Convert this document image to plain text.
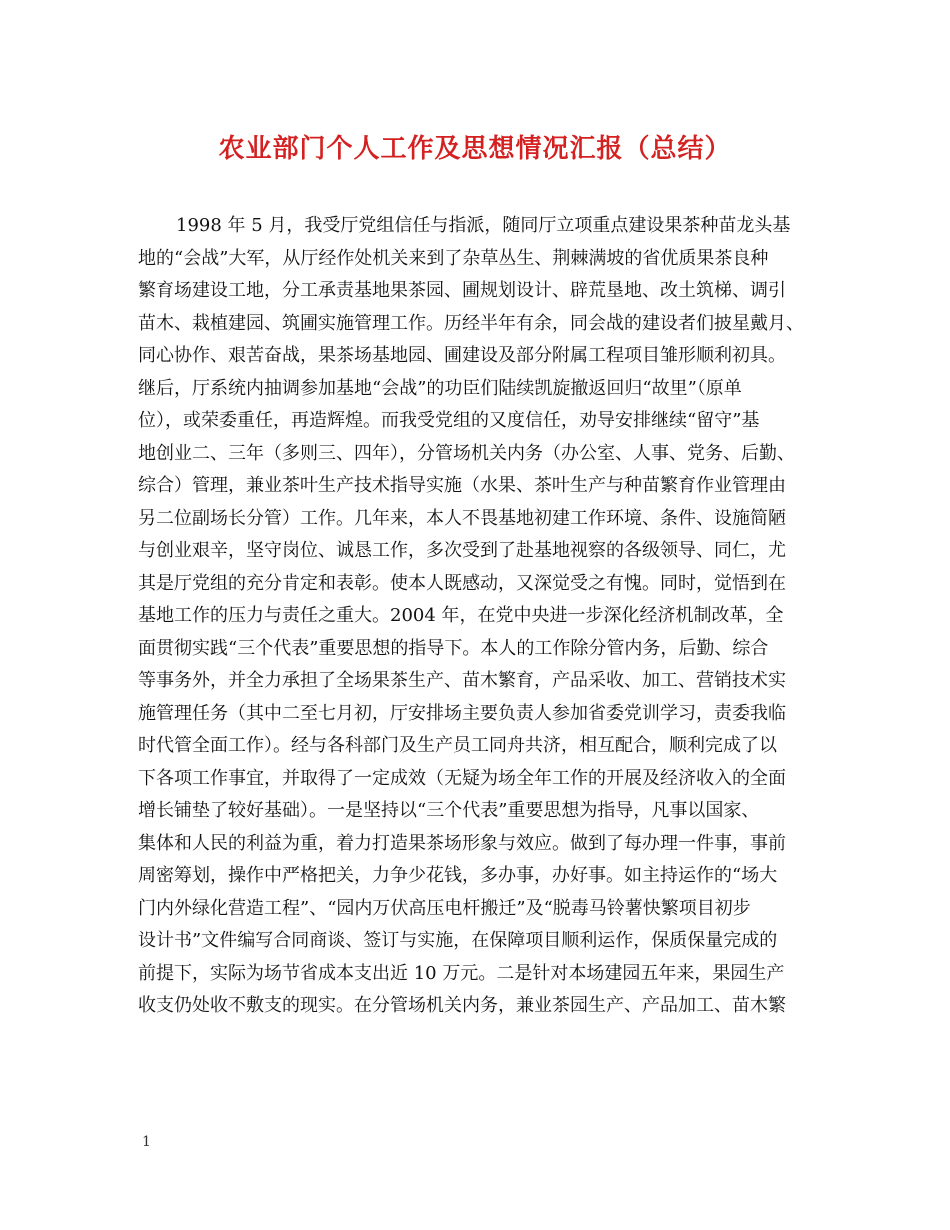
农业部门个人工作及思想情况汇报（总结）
1998 年 5 月，我受厅党组信任与指派，随同厅立项重点建设果茶种苗龙头基
地的“会战”大军，从厅经作处机关来到了杂草丛生、荆棘满坡的省优质果茶良种
繁育场建设工地，分工承责基地果茶园、圃规划设计、辟荒垦地、改土筑梯、调引
苗木、栽植建园、筑圃实施管理工作。历经半年有余，同会战的建设者们披星戴月、
同心协作、艰苦奋战，果茶场基地园、圃建设及部分附属工程项目雏形顺利初具。
继后，厅系统内抽调参加基地“会战”的功臣们陆续凯旋撤返回归“故里”（原单
位），或荣委重任，再造辉煌。而我受党组的又度信任，劝导安排继续“留守”基
地创业二、三年（多则三、四年），分管场机关内务（办公室、人事、党务、后勤、
综合）管理，兼业茶叶生产技术指导实施（水果、茶叶生产与种苗繁育作业管理由
另二位副场长分管）工作。几年来，本人不畏基地初建工作环境、条件、设施简陋
与创业艰辛，坚守岗位、诚恳工作，多次受到了赴基地视察的各级领导、同仁，尤
其是厅党组的充分肯定和表彰。使本人既感动，又深觉受之有愧。同时，觉悟到在
基地工作的压力与责任之重大。2004 年，在党中央进一步深化经济机制改革，全
面贯彻实践“三个代表”重要思想的指导下。本人的工作除分管内务，后勤、综合
等事务外，并全力承担了全场果茶生产、苗木繁育，产品采收、加工、营销技术实
施管理任务（其中二至七月初，厅安排场主要负责人参加省委党训学习，责委我临
时代管全面工作）。经与各科部门及生产员工同舟共济，相互配合，顺利完成了以
下各项工作事宜，并取得了一定成效（无疑为场全年工作的开展及经济收入的全面
增长铺垫了较好基础）。一是坚持以“三个代表”重要思想为指导，凡事以国家、
集体和人民的利益为重，着力打造果茶场形象与效应。做到了每办理一件事，事前
周密筹划，操作中严格把关，力争少花钱，多办事，办好事。如主持运作的“场大
门内外绿化营造工程”、“园内万伏高压电杆搬迁”及“脱毒马铃薯快繁项目初步
设计书”文件编写合同商谈、签订与实施，在保障项目顺利运作，保质保量完成的
前提下，实际为场节省成本支出近 10 万元。二是针对本场建园五年来，果园生产
收支仍处收不敷支的现实。在分管场机关内务，兼业茶园生产、产品加工、苗木繁
1
